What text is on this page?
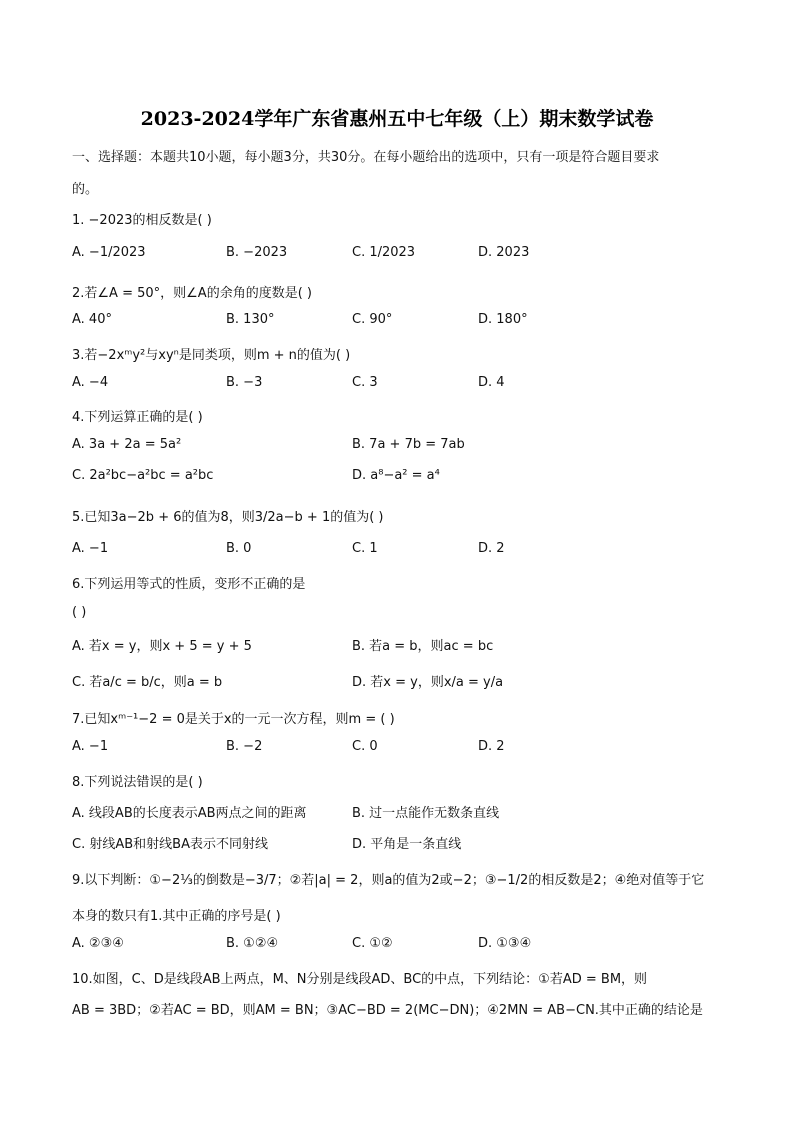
2023-2024学年广东省惠州五中七年级（上）期末数学试卷
一、选择题：本题共10小题，每小题3分，共30分。在每小题给出的选项中，只有一项是符合题目要求
的。
1. −2023的相反数是( )
A. −1/2023	B. −2023	C. 1/2023	D. 2023
2.若∠A = 50°，则∠A的余角的度数是( )
A. 40°	B. 130°	C. 90°	D. 180°
3.若−2xᵐy²与xyⁿ是同类项，则m + n的值为( )
A. −4	B. −3	C. 3	D. 4
4.下列运算正确的是( )
A. 3a + 2a = 5a²	B. 7a + 7b = 7ab
C. 2a²bc−a²bc = a²bc	D. a⁸−a² = a⁴
5.已知3a−2b + 6的值为8，则3/2a−b + 1的值为( )
A. −1	B. 0	C. 1	D. 2
6.下列运用等式的性质，变形不正确的是
( )
A. 若x = y，则x + 5 = y + 5	B. 若a = b，则ac = bc
C. 若a/c = b/c，则a = b	D. 若x = y，则x/a = y/a
7.已知xᵐ⁻¹−2 = 0是关于x的一元一次方程，则m = ( )
A. −1	B. −2	C. 0	D. 2
8.下列说法错误的是( )
A. 线段AB的长度表示AB两点之间的距离	B. 过一点能作无数条直线
C. 射线AB和射线BA表示不同射线	D. 平角是一条直线
9.以下判断：①−2⅓的倒数是−3/7；②若|a| = 2，则a的值为2或−2；③−1/2的相反数是2；④绝对值等于它
本身的数只有1.其中正确的序号是( )
A. ②③④	B. ①②④	C. ①②	D. ①③④
10.如图，C、D是线段AB上两点，M、N分别是线段AD、BC的中点，下列结论：①若AD = BM，则
AB = 3BD；②若AC = BD，则AM = BN；③AC−BD = 2(MC−DN)；④2MN = AB−CN.其中正确的结论是
